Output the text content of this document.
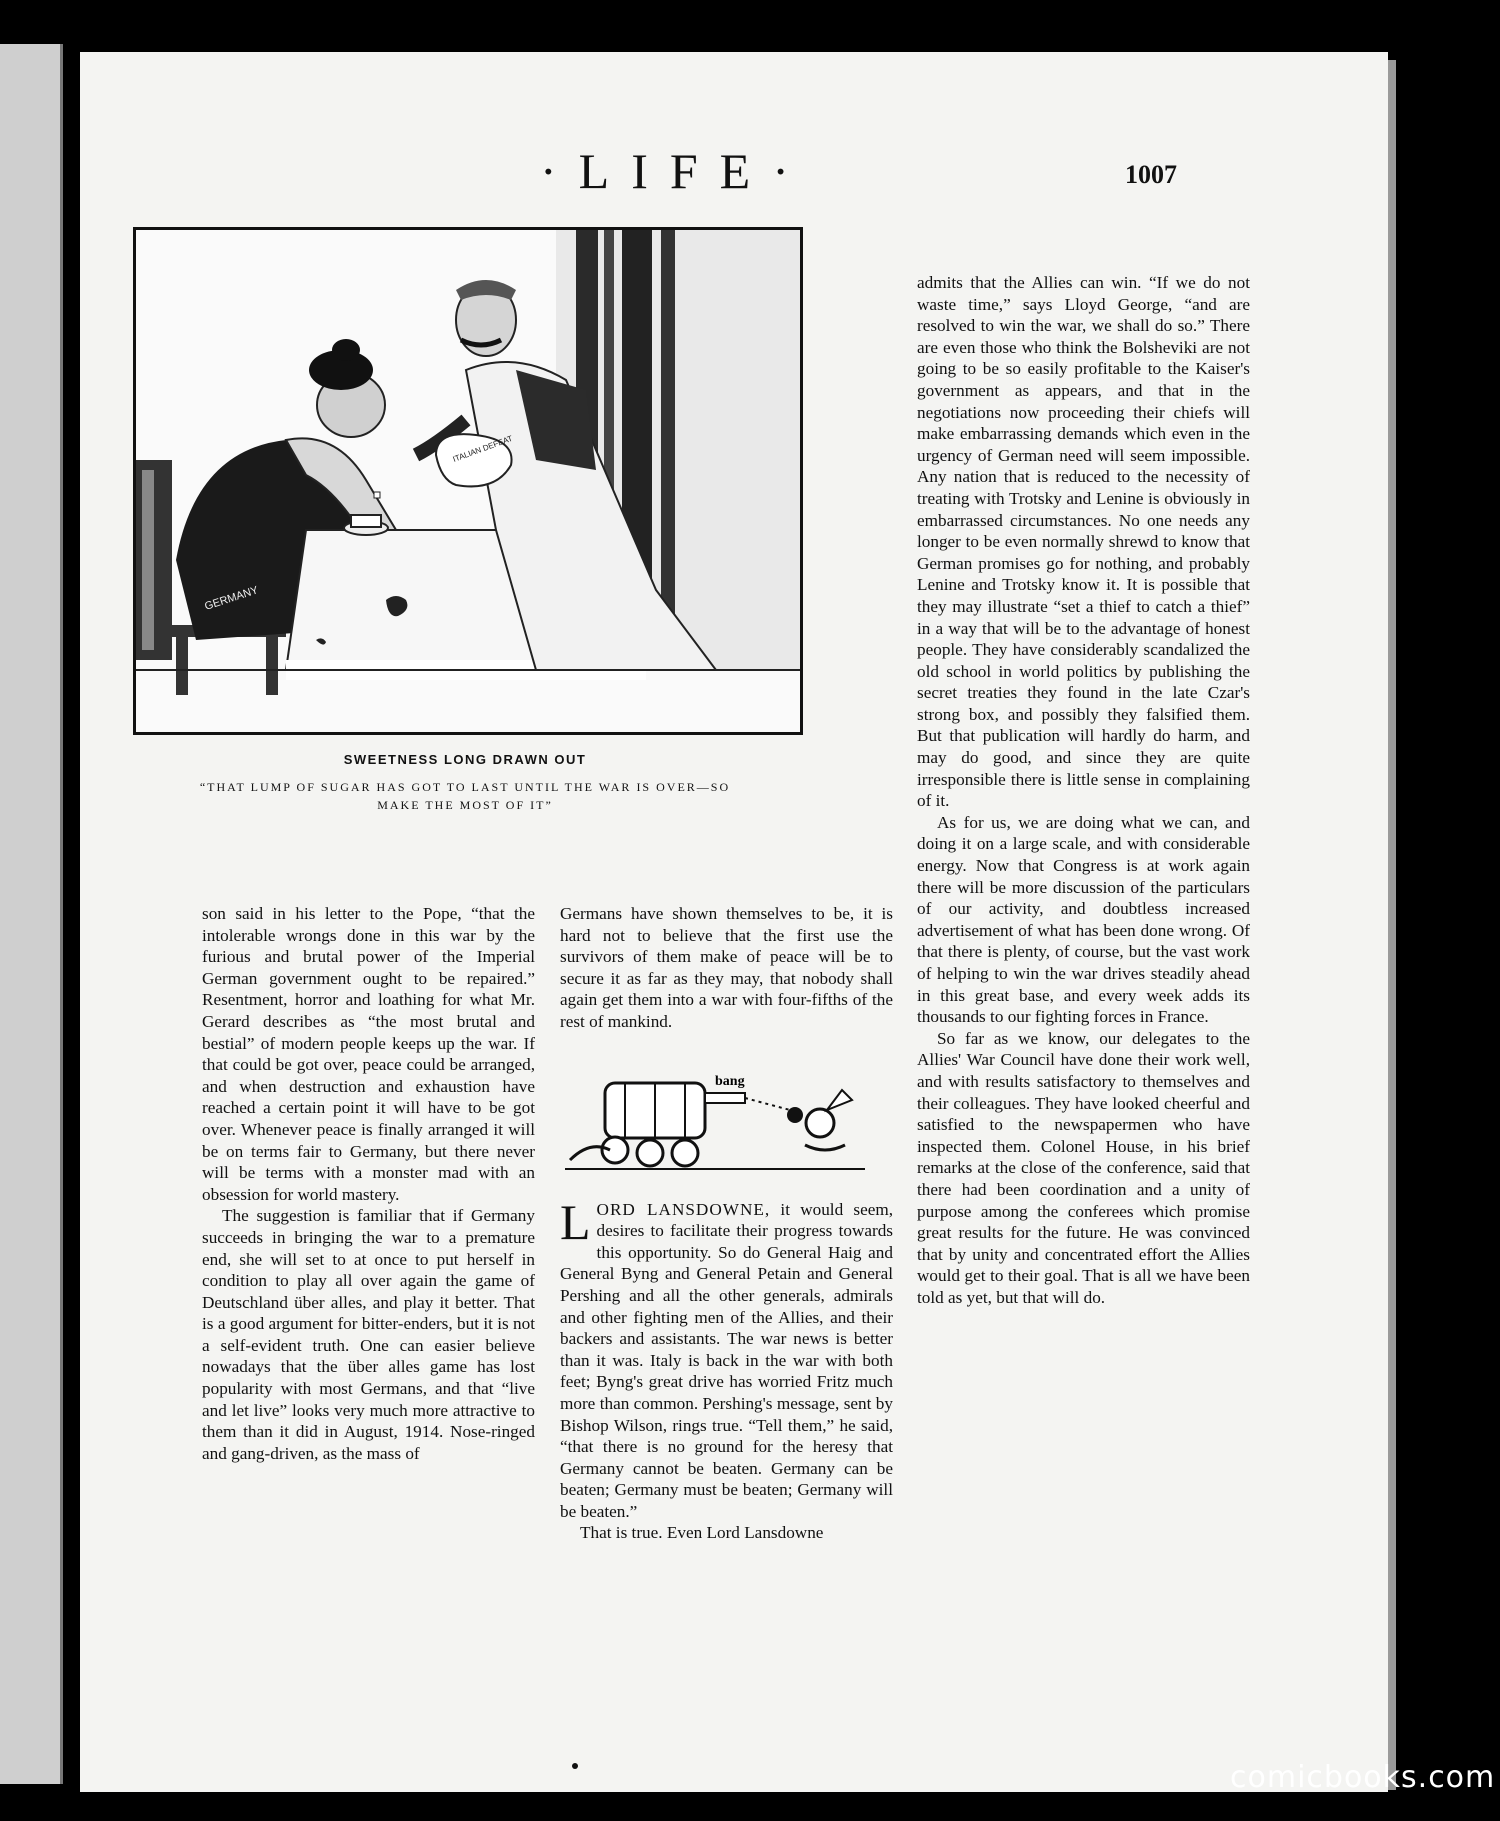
·LIFE·	1007
GERMANY
ITALIAN DEFEAT
SWEETNESS LONG DRAWN OUT
“THAT LUMP OF SUGAR HAS GOT TO LAST UNTIL THE WAR IS OVER—SO MAKE THE MOST OF IT”

son said in his letter to the Pope, “that the intolerable wrongs done in this war by the furious and brutal power of the Imperial German government ought to be repaired.” Resentment, horror and loathing for what Mr. Gerard describes as “the most brutal and bestial” of modern people keeps up the war. If that could be got over, peace could be arranged, and when destruction and exhaustion have reached a certain point it will have to be got over. Whenever peace is finally arranged it will be on terms fair to Germany, but there never will be terms with a monster mad with an obsession for world mastery.

The suggestion is familiar that if Germany succeeds in bringing the war to a premature end, she will set to at once to put herself in condition to play all over again the game of Deutschland über alles, and play it better. That is a good argument for bitter-enders, but it is not a self-evident truth. One can easier believe nowadays that the über alles game has lost popularity with most Germans, and that “live and let live” looks very much more attractive to them than it did in August, 1914. Nose-ringed and gang-driven, as the mass of

Germans have shown themselves to be, it is hard not to believe that the first use the survivors of them make of peace will be to secure it as far as they may, that nobody shall again get them into a war with four-fifths of the rest of mankind.

LORD LANSDOWNE, it would seem, desires to facilitate their progress towards this opportunity. So do General Haig and General Byng and General Petain and General Pershing and all the other generals, admirals and other fighting men of the Allies, and their backers and assistants. The war news is better than it was. Italy is back in the war with both feet; Byng's great drive has worried Fritz much more than common. Pershing's message, sent by Bishop Wilson, rings true. “Tell them,” he said, “that there is no ground for the heresy that Germany cannot be beaten. Germany can be beaten; Germany must be beaten; Germany will be beaten.”

That is true. Even Lord Lansdowne

bang

admits that the Allies can win. “If we do not waste time,” says Lloyd George, “and are resolved to win the war, we shall do so.” There are even those who think the Bolsheviki are not going to be so easily profitable to the Kaiser's government as appears, and that in the negotiations now proceeding their chiefs will make embarrassing demands which even in the urgency of German need will seem impossible. Any nation that is reduced to the necessity of treating with Trotsky and Lenine is obviously in embarrassed circumstances. No one needs any longer to be even normally shrewd to know that German promises go for nothing, and probably Lenine and Trotsky know it. It is possible that they may illustrate “set a thief to catch a thief” in a way that will be to the advantage of honest people. They have considerably scandalized the old school in world politics by publishing the secret treaties they found in the late Czar's strong box, and possibly they falsified them. But that publication will hardly do harm, and may do good, and since they are quite irresponsible there is little sense in complaining of it.

As for us, we are doing what we can, and doing it on a large scale, and with considerable energy. Now that Congress is at work again there will be more discussion of the particulars of our activity, and doubtless increased advertisement of what has been done wrong. Of that there is plenty, of course, but the vast work of helping to win the war drives steadily ahead in this great base, and every week adds its thousands to our fighting forces in France.

So far as we know, our delegates to the Allies' War Council have done their work well, and with results satisfactory to themselves and their colleagues. They have looked cheerful and satisfied to the newspapermen who have inspected them. Colonel House, in his brief remarks at the close of the conference, said that there had been coordination and a unity of purpose among the conferees which promise great results for the future. He was convinced that by unity and concentrated effort the Allies would get to their goal. That is all we have been told as yet, but that will do.

comicbooks.com
